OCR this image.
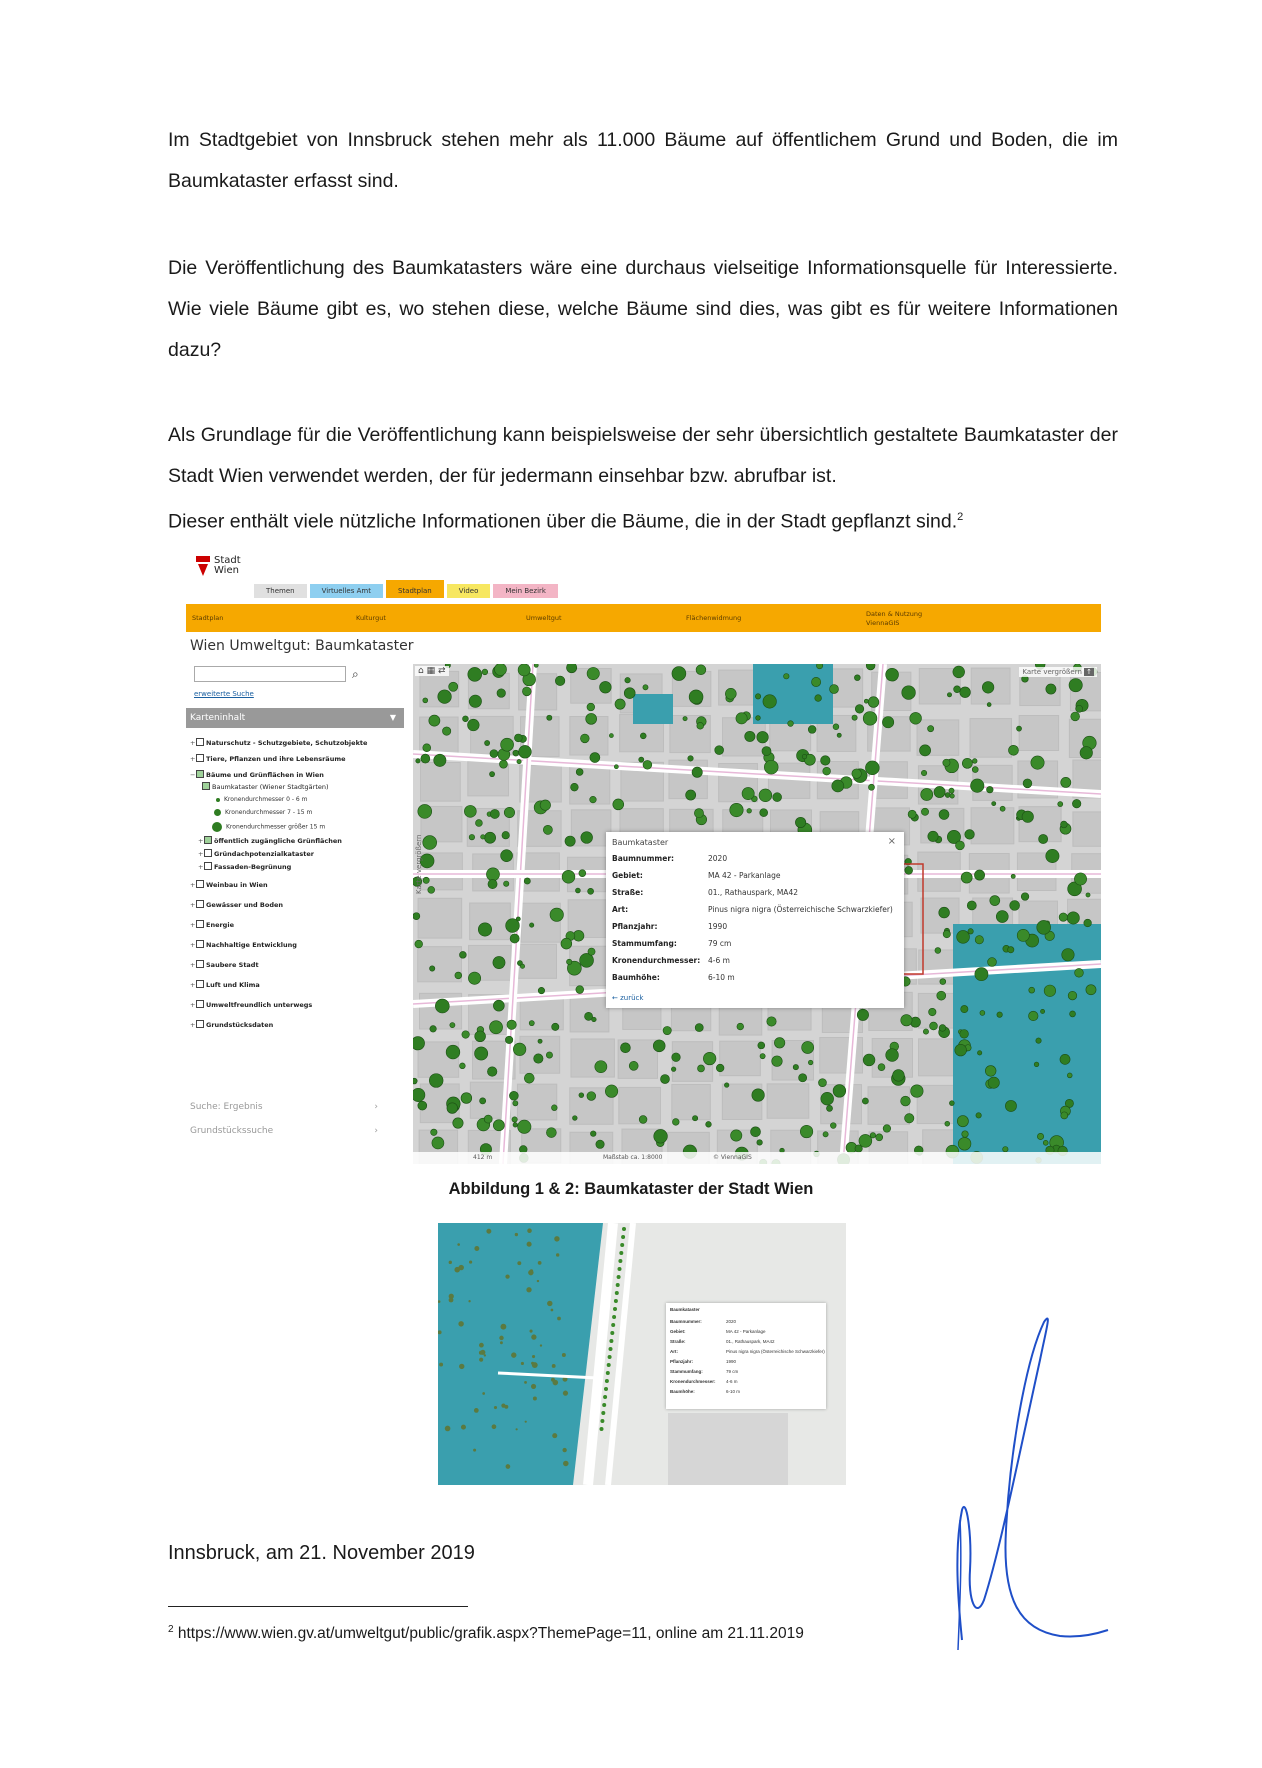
Im Stadtgebiet von Innsbruck stehen mehr als 11.000 Bäume auf öffentlichem Grund und Boden, die im Baumkataster erfasst sind.

Die Veröffentlichung des Baumkatasters wäre eine durchaus vielseitige Informationsquelle für Interessierte. Wie viele Bäume gibt es, wo stehen diese, welche Bäume sind dies, was gibt es für weitere Informationen dazu?

Als Grundlage für die Veröffentlichung kann beispielsweise der sehr übersichtlich gestaltete Baumkataster der Stadt Wien verwendet werden, der für jedermann einsehbar bzw. abrufbar ist.

Dieser enthält viele nützliche Informationen über die Bäume, die in der Stadt gepflanzt sind.$^2$

Stadt
Wien
Themen	Virtuelles Amt	Stadtplan	Video	Mein Bezirk
Stadtplan	Kulturgut	Umweltgut	Flächenwidmung	Daten & Nutzung
ViennaGIS
Wien Umweltgut: Baumkataster
⌕
erweiterte Suche
Karteninhalt	▼
+ Naturschutz - Schutzgebiete, Schutzobjekte
+ Tiere, Pflanzen und ihre Lebensräume
− Bäume und Grünflächen in Wien
Baumkataster (Wiener Stadtgärten)
Kronendurchmesser 0 - 6 m
Kronendurchmesser 7 - 15 m
Kronendurchmesser größer 15 m
+ öffentlich zugängliche Grünflächen
+ Gründachpotenzialkataster
+ Fassaden-Begrünung
+ Weinbau in Wien
+ Gewässer und Boden
+ Energie
+ Nachhaltige Entwicklung
+ Saubere Stadt
+ Luft und Klima
+ Umweltfreundlich unterwegs
+ Grundstücksdaten
Suche: Ergebnis	›
Grundstückssuche	›
⌂ ▦ ⇄	Karte vergrößern ↑
Karte vergrößern	Baumkataster	×
Baumnummer:	2020
Gebiet:	MA 42 - Parkanlage
Straße:	01., Rathauspark, MA42
Art:	Pinus nigra nigra (Österreichische Schwarzkiefer)
Pflanzjahr:	1990
Stammumfang:	79 cm
Kronendurchmesser: 4-6 m
Baumhöhe:	6-10 m
← zurück
412 m	Maßstab ca. 1:8000	© ViennaGIS
Abbildung 1 & 2: Baumkataster der Stadt Wien
Baumkataster
Baumnummer:	2020
Gebiet:	MA 42 - Parkanlage
Straße:	01., Rathauspark, MA42
Art:	Pinus nigra nigra (Österreichische Schwarzkiefer)
Pflanzjahr:	1990
Stammumfang:	79 cm
Kronendurchmesser: 4-6 m
Baumhöhe:	6-10 m
Innsbruck, am 21. November 2019
$^2$ https://www.wien.gv.at/umweltgut/public/grafik.aspx?ThemePage=11, online am 21.11.2019
